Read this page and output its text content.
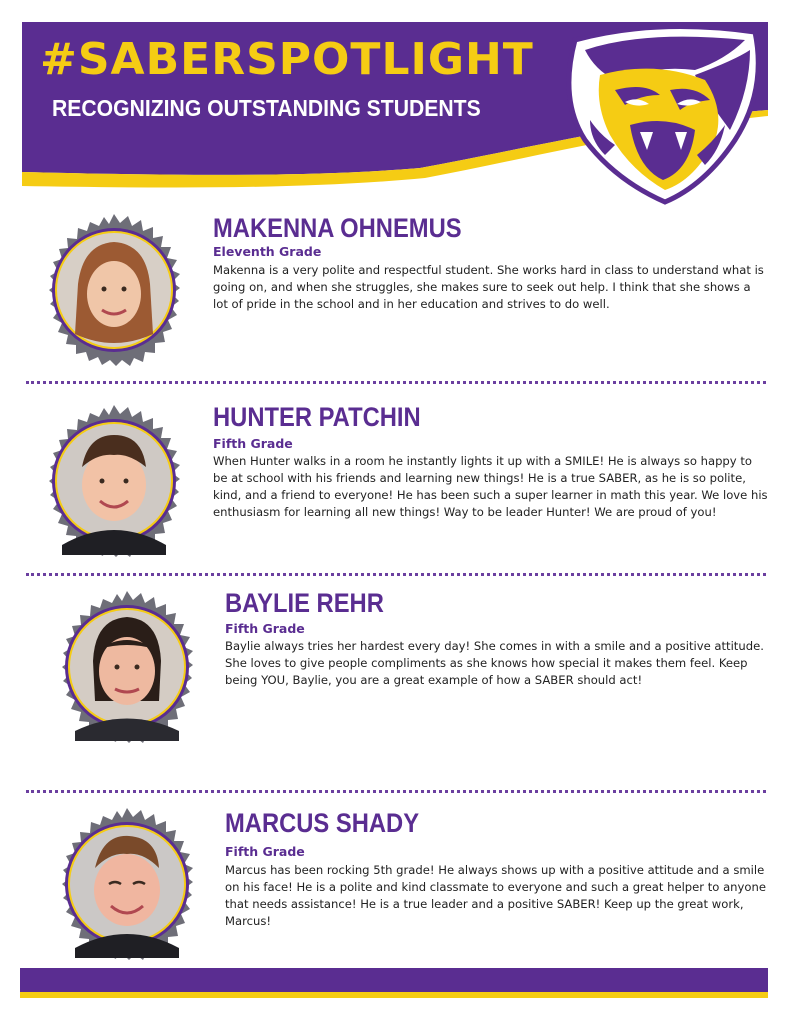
#SABERSPOTLIGHT
RECOGNIZING OUTSTANDING STUDENTS
MAKENNA OHNEMUS
Eleventh Grade
Makenna is a very polite and respectful student. She works hard in class to understand what is going on, and when she struggles, she makes sure to seek out help. I think that she shows a lot of pride in the school and in her education and strives to do well.
HUNTER PATCHIN
Fifth Grade
When Hunter walks in a room he instantly lights it up with a SMILE! He is always so happy to be at school with his friends and learning new things! He is a true SABER, as he is so polite, kind, and a friend to everyone! He has been such a super learner in math this year. We love his enthusiasm for learning all new things! Way to be leader Hunter! We are proud of you!
BAYLIE REHR
Fifth Grade
Baylie always tries her hardest every day! She comes in with a smile and a positive attitude. She loves to give people compliments as she knows how special it makes them feel. Keep being YOU, Baylie, you are a great example of how a SABER should act!
MARCUS SHADY
Fifth Grade
Marcus has been rocking 5th grade! He always shows up with a positive attitude and a smile on his face! He is a polite and kind classmate to everyone and such a great helper to anyone that needs assistance! He is a true leader and a positive SABER! Keep up the great work, Marcus!
